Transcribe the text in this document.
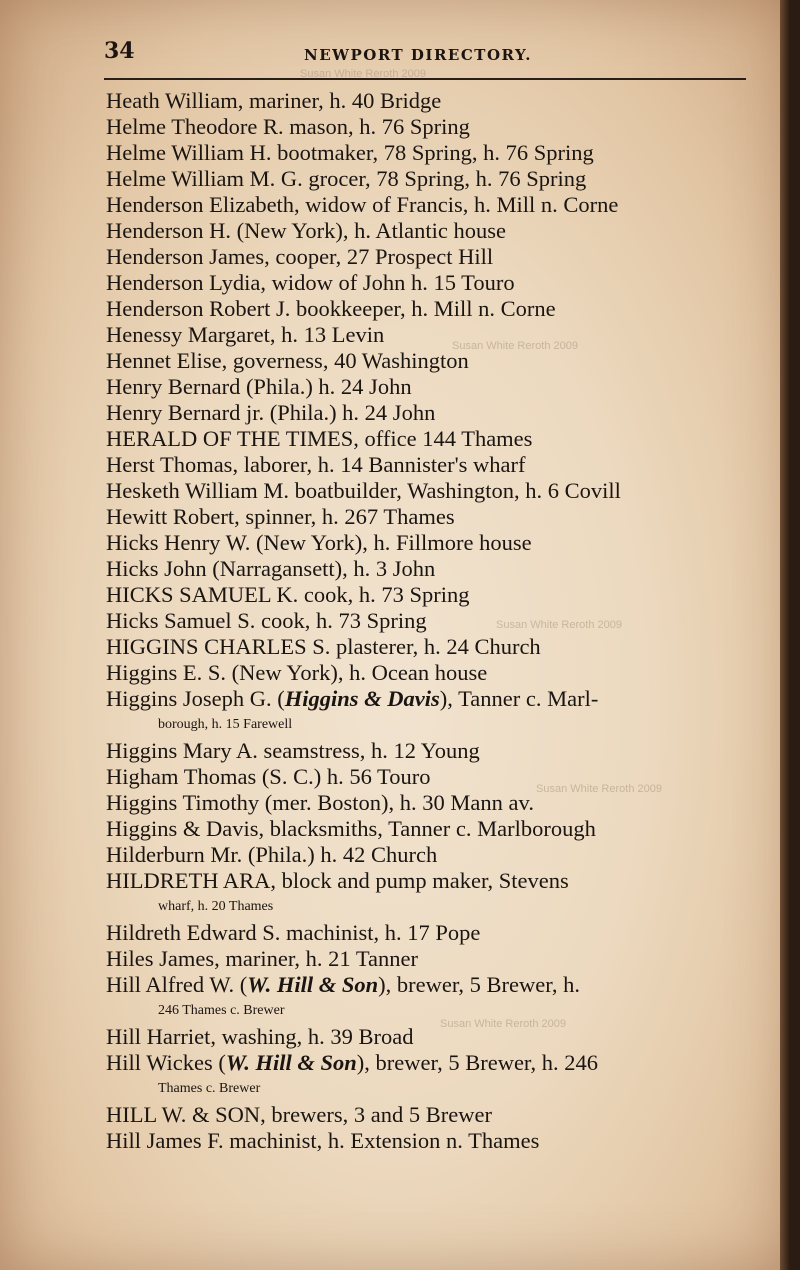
34	NEWPORT DIRECTORY.
Susan White Reroth 2009
Susan White Reroth 2009
Susan White Reroth 2009
Susan White Reroth 2009
Susan White Reroth 2009
Heath William, mariner, h. 40 Bridge
Helme Theodore R. mason, h. 76 Spring
Helme William H. bootmaker, 78 Spring, h. 76 Spring
Helme William M. G. grocer, 78 Spring, h. 76 Spring
Henderson Elizabeth, widow of Francis, h. Mill n. Corne
Henderson H. (New York), h. Atlantic house
Henderson James, cooper, 27 Prospect Hill
Henderson Lydia, widow of John h. 15 Touro
Henderson Robert J. bookkeeper, h. Mill n. Corne
Henessy Margaret, h. 13 Levin
Hennet Elise, governess, 40 Washington
Henry Bernard (Phila.) h. 24 John
Henry Bernard jr. (Phila.) h. 24 John
HERALD OF THE TIMES, office 144 Thames
Herst Thomas, laborer, h. 14 Bannister's wharf
Hesketh William M. boatbuilder, Washington, h. 6 Covill
Hewitt Robert, spinner, h. 267 Thames
Hicks Henry W. (New York), h. Fillmore house
Hicks John (Narragansett), h. 3 John
HICKS SAMUEL K. cook, h. 73 Spring
Hicks Samuel S. cook, h. 73 Spring
HIGGINS CHARLES S. plasterer, h. 24 Church
Higgins E. S. (New York), h. Ocean house
Higgins Joseph G. (Higgins & Davis), Tanner c. Marl-
borough, h. 15 Farewell
Higgins Mary A. seamstress, h. 12 Young
Higham Thomas (S. C.) h. 56 Touro
Higgins Timothy (mer. Boston), h. 30 Mann av.
Higgins & Davis, blacksmiths, Tanner c. Marlborough
Hilderburn Mr. (Phila.) h. 42 Church
HILDRETH ARA, block and pump maker, Stevens
wharf, h. 20 Thames
Hildreth Edward S. machinist, h. 17 Pope
Hiles James, mariner, h. 21 Tanner
Hill Alfred W. (W. Hill & Son), brewer, 5 Brewer, h.
246 Thames c. Brewer
Hill Harriet, washing, h. 39 Broad
Hill Wickes (W. Hill & Son), brewer, 5 Brewer, h. 246
Thames c. Brewer
HILL W. & SON, brewers, 3 and 5 Brewer
Hill James F. machinist, h. Extension n. Thames
